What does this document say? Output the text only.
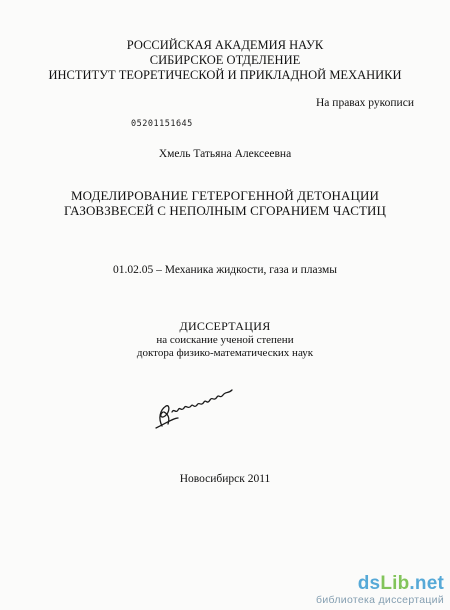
РОССИЙСКАЯ АКАДЕМИЯ НАУК
СИБИРСКОЕ ОТДЕЛЕНИЕ
ИНСТИТУТ ТЕОРЕТИЧЕСКОЙ И ПРИКЛАДНОЙ МЕХАНИКИ
На правах рукописи
05201151645
Хмель Татьяна Алексеевна
МОДЕЛИРОВАНИЕ ГЕТЕРОГЕННОЙ ДЕТОНАЦИИ
ГАЗОВЗВЕСЕЙ С НЕПОЛНЫМ СГОРАНИЕМ ЧАСТИЦ
01.02.05 – Механика жидкости, газа и плазмы
ДИССЕРТАЦИЯ
на соискание ученой степени
доктора физико-математических наук
Новосибирск 2011
dsLib.net
библиотека диссертаций
